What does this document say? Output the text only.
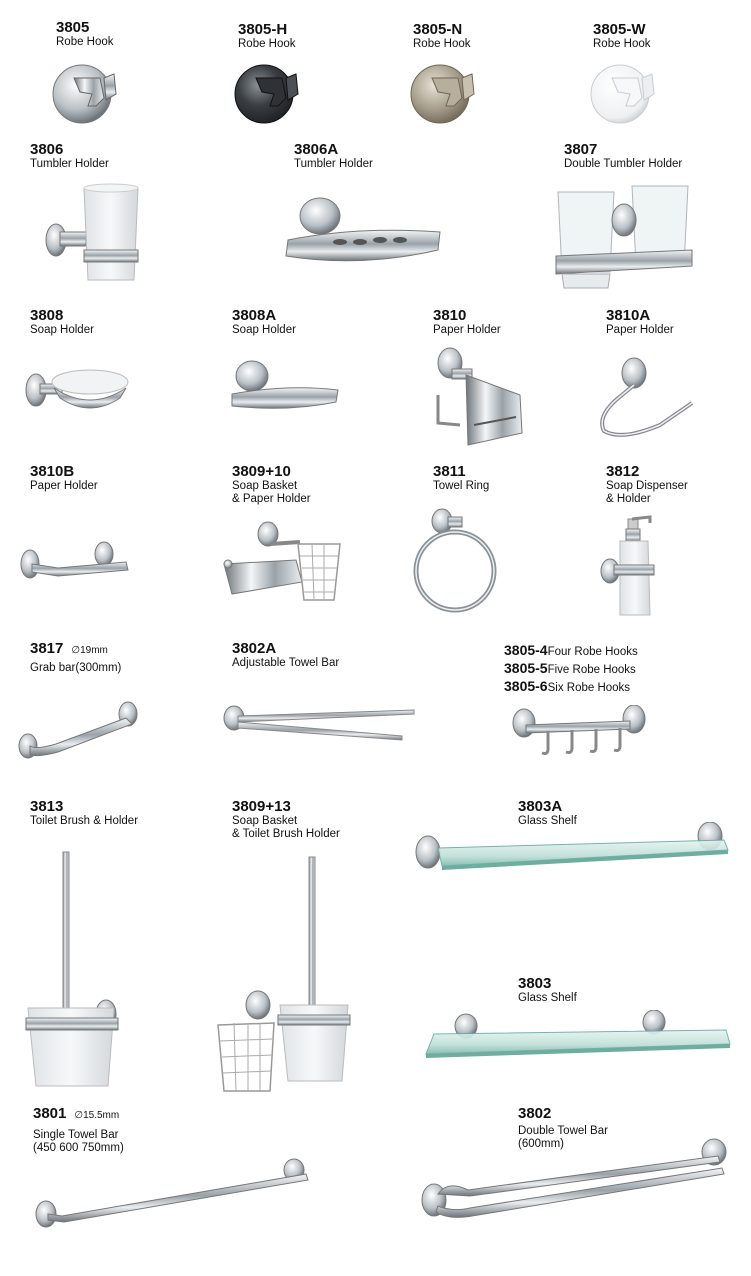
3805
Robe Hook
3805-H
Robe Hook
3805-N
Robe Hook
3805-W
Robe Hook
3806
Tumbler Holder
3806A
Tumbler Holder
3807
Double Tumbler Holder
3808
Soap Holder
3808A
Soap Holder
3810
Paper Holder
3810A
Paper Holder
3810B
Paper Holder
3809+10
Soap Basket
& Paper Holder
3811
Towel Ring
3812
Soap Dispenser
& Holder
3817 ∅19mm
Grab bar(300mm)
3802A
Adjustable Towel Bar
3805-4Four Robe Hooks
3805-5Five Robe Hooks
3805-6Six Robe Hooks
3813
Toilet Brush & Holder
3809+13
Soap Basket
& Toilet Brush Holder
3803A
Glass Shelf
3803
Glass Shelf
3801 ∅15.5mm
Single Towel Bar
(450 600 750mm)
3802
Double Towel Bar
(600mm)
